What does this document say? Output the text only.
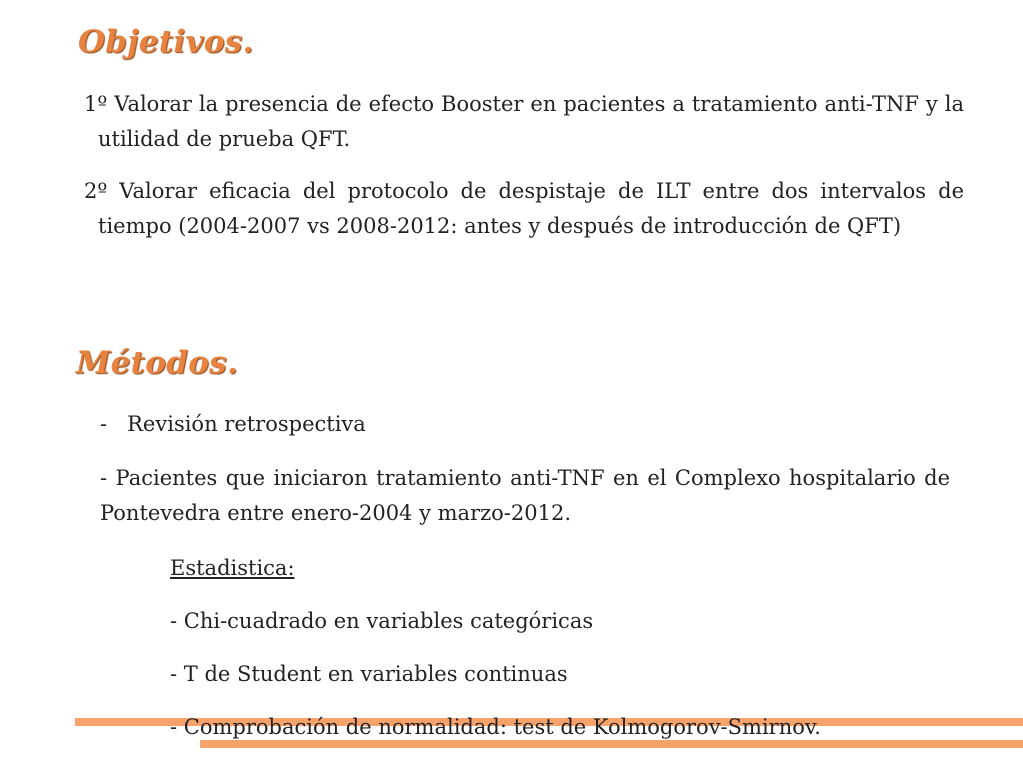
Objetivos.

1º Valorar la presencia de efecto Booster en pacientes a tratamiento anti-TNF y la utilidad de prueba QFT.

2º Valorar eficacia del protocolo de despistaje de ILT entre dos intervalos de tiempo (2004-2007 vs 2008-2012: antes y después de introducción de QFT)

Métodos.

-   Revisión retrospectiva

- Pacientes que iniciaron tratamiento anti-TNF en el Complexo hospitalario de Pontevedra entre enero-2004 y marzo-2012.

Estadistica:

- Chi-cuadrado en variables categóricas

- T de Student en variables continuas

- Comprobación de normalidad: test de Kolmogorov-Smirnov.
